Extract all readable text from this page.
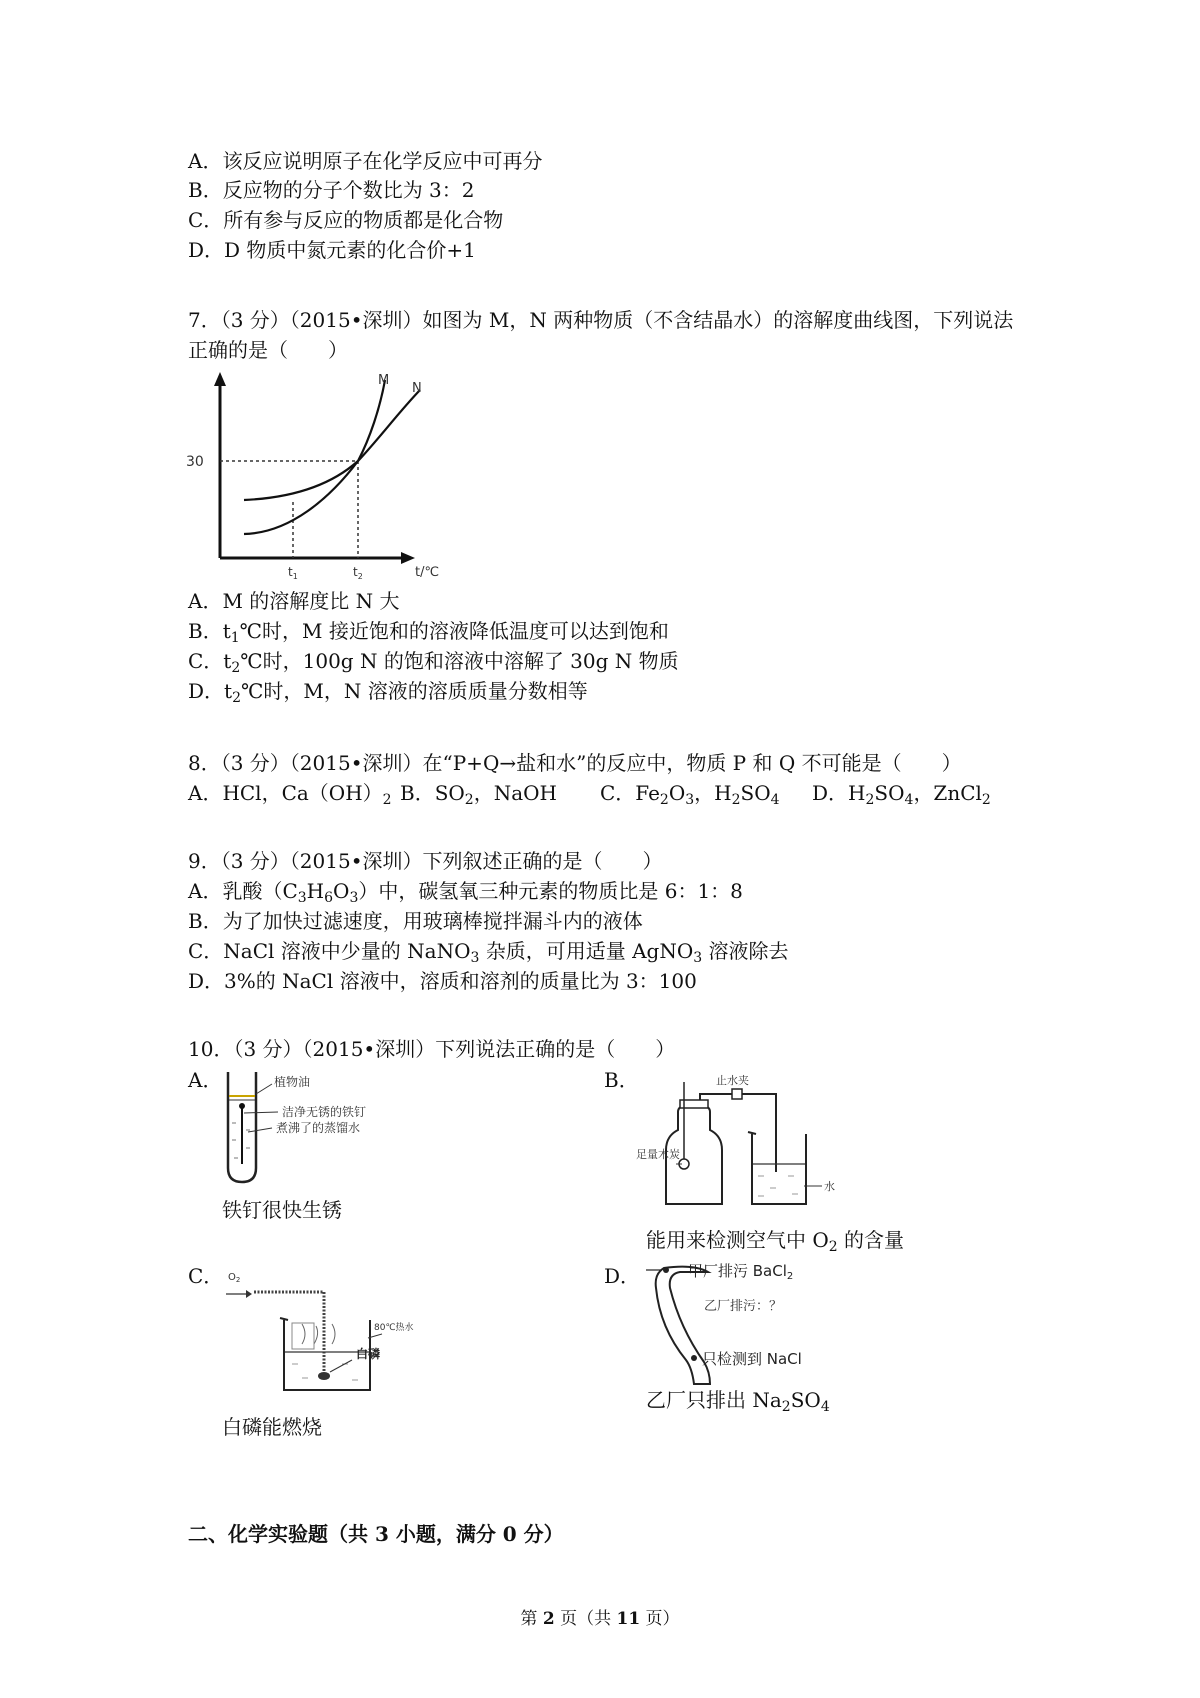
A．该反应说明原子在化学反应中可再分
B．反应物的分子个数比为 3：2
C．所有参与反应的物质都是化合物
D．D 物质中氮元素的化合价+1
7．（3 分）（2015•深圳）如图为 M，N 两种物质（不含结晶水）的溶解度曲线图，下列说法
正确的是（　　）
M
N
30
$t_1$	$t_2$	t/℃
A．M 的溶解度比 N 大
B．$t_1℃$时，M 接近饱和的溶液降低温度可以达到饱和
C．$t_2℃$时，100g N 的饱和溶液中溶解了 30g N 物质
D．$t_2℃$时，M，N 溶液的溶质质量分数相等
8．（3 分）（2015•深圳）在“P+Q→盐和水”的反应中，物质 P 和 Q 不可能是（　　）
A．HCl，$Ca(OH)_2$ B．$SO_2$，NaOH C．$Fe_2O_3$，$H_2SO_4$ D．$H_2SO_4$，ZnCl$_2$
9．（3 分）（2015•深圳）下列叙述正确的是（　　）
A．乳酸$(C_3H_6O_3)$中，碳氢氧三种元素的物质比是 6：1：8
B．为了加快过滤速度，用玻璃棒搅拌漏斗内的液体
C．NaCl 溶液中少量的 NaNO$_3$ 杂质，可用适量 AgNO$_3$ 溶液除去
D．3%的 NaCl 溶液中，溶质和溶剂的质量比为 3：100
10．（3 分）（2015•深圳）下列说法正确的是（　　）
A．	植物油
洁净无锈的铁钉
煮沸了的蒸馏水
铁钉很快生锈
B．	止水夹
足量木炭
水
能用来检测空气中 $O_2$ 的含量
C． $O_2$
80℃热水
白磷
白磷能燃烧
D．	甲厂排污 BaCl$_2$
乙厂排污：？
只检测到 NaCl
乙厂只排出 $Na_2SO_4$
二、化学实验题（共 3 小题，满分 0 分）
第 2 页（共 11 页）
